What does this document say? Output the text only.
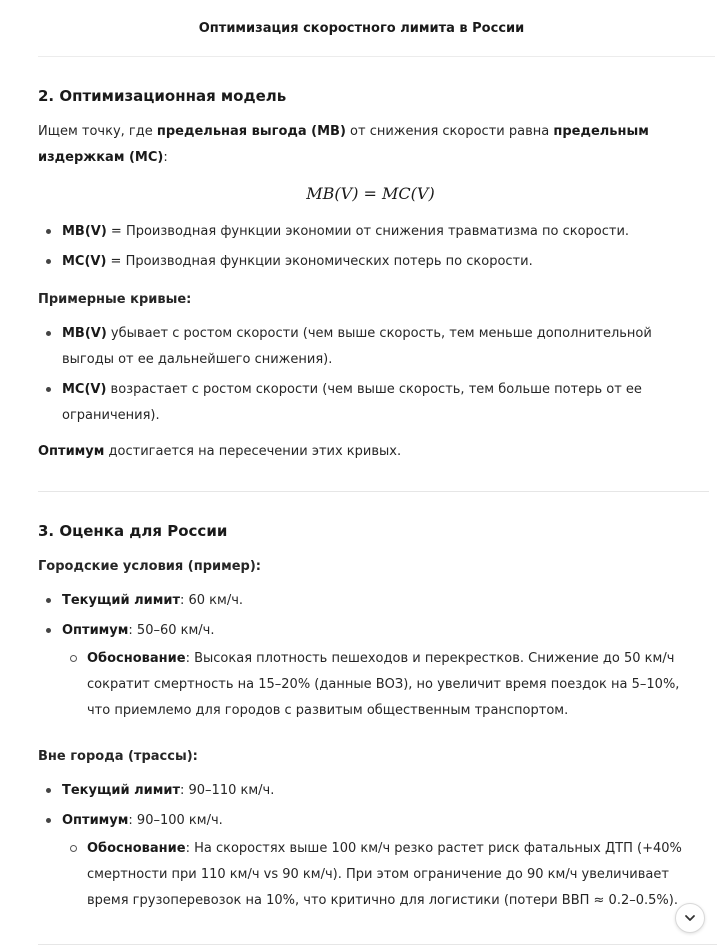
Оптимизация скоростного лимита в России
2. Оптимизационная модель

Ищем точку, где предельная выгода (MB) от снижения скорости равна предельным издержкам (MC):

MB(V) = MC(V)
MB(V) = Производная функции экономии от снижения травматизма по скорости.
MC(V) = Производная функции экономических потерь по скорости.
Примерные кривые:
MB(V) убывает с ростом скорости (чем выше скорость, тем меньше дополнительной выгоды от ее дальнейшего снижения).
MC(V) возрастает с ростом скорости (чем выше скорость, тем больше потерь от ее ограничения).

Оптимум достигается на пересечении этих кривых.

3. Оценка для России
Городские условия (пример):
Текущий лимит: 60 км/ч.
Оптимум: 50–60 км/ч.
Обоснование: Высокая плотность пешеходов и перекрестков. Снижение до 50 км/ч сократит смертность на 15–20% (данные ВОЗ), но увеличит время поездок на 5–10%, что приемлемо для городов с развитым общественным транспортом.
Вне города (трассы):
Текущий лимит: 90–110 км/ч.
Оптимум: 90–100 км/ч.
Обоснование: На скоростях выше 100 км/ч резко растет риск фатальных ДТП (+40% смертности при 110 км/ч vs 90 км/ч). При этом ограничение до 90 км/ч увеличивает время грузоперевозок на 10%, что критично для логистики (потери ВВП ≈ 0.2–0.5%).
